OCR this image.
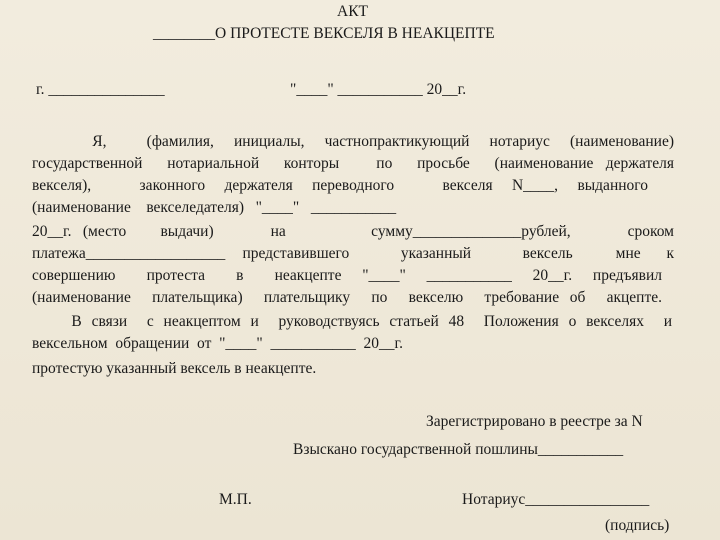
АКТ
________О ПРОТЕСТЕ ВЕКСЕЛЯ В НЕАКЦЕПТЕ
г. _______________	"____" ___________ 20__г.
Я,    (фамилия,  инициалы,  частнопрактикующий  нотариус  (наименование)
государственной  нотариальной  конторы   по  просьбе  (наименование держателя
векселя),     законного  держателя  переводного     векселя  N____,  выданного
(наименование    векселедателя)   "____"   ___________
20__г.  (место      выдачи)          на               сумму______________рублей,          сроком
платежа__________________  представившего      указанный      вексель     мне   к
совершению   протеста   в   неакцепте  "____"  ___________  20__г.  предъявил
(наименование  плательщика)  плательщику  по  векселю  требование об  акцепте.
В связи  с неакцептом и  руководствуясь статьей 48  Положения о векселях  и
вексельном  обращении  от  "____"  ___________  20__г.
протестую указанный вексель в неакцепте.
Зарегистрировано в реестре за N
Взыскано государственной пошлины___________
М.П.	Нотариус________________
(подпись)
